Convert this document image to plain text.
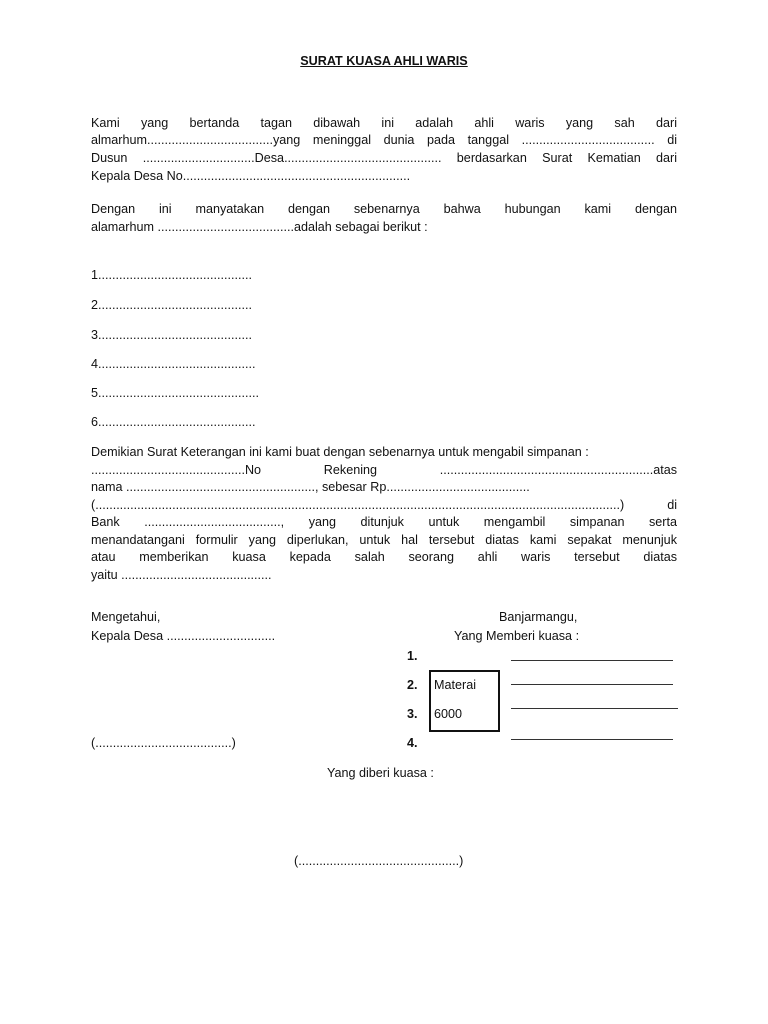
SURAT KUASA AHLI WARIS
Kami yang bertanda tagan dibawah ini adalah ahli waris yang sah dari
almarhum....................................yang meninggal dunia pada tanggal ...................................... di
Dusun ................................Desa............................................. berdasarkan Surat Kematian dari
Kepala Desa No.................................................................
Dengan ini manyatakan dengan sebenarnya bahwa hubungan kami dengan
alamarhum .......................................adalah sebagai berikut :
1............................................
2............................................
3............................................
4.............................................
5..............................................
6.............................................
Demikian Surat Keterangan ini kami buat dengan sebenarnya untuk mengabil simpanan :
............................................No Rekening .............................................................atas
nama ......................................................, sebesar Rp.........................................
(......................................................................................................................................................) di
Bank ......................................., yang ditunjuk untuk mengambil simpanan serta
menandatangani formulir yang diperlukan, untuk hal tersebut diatas kami sepakat menunjuk
atau memberikan kuasa kepada salah seorang ahli waris tersebut diatas
yaitu ...........................................
Mengetahui,
Kepala Desa ...............................
(.......................................)
Banjarmangu,
Yang Memberi kuasa :
1.
2.
3.
4.
Materai
6000
Yang diberi kuasa :
(..............................................)
